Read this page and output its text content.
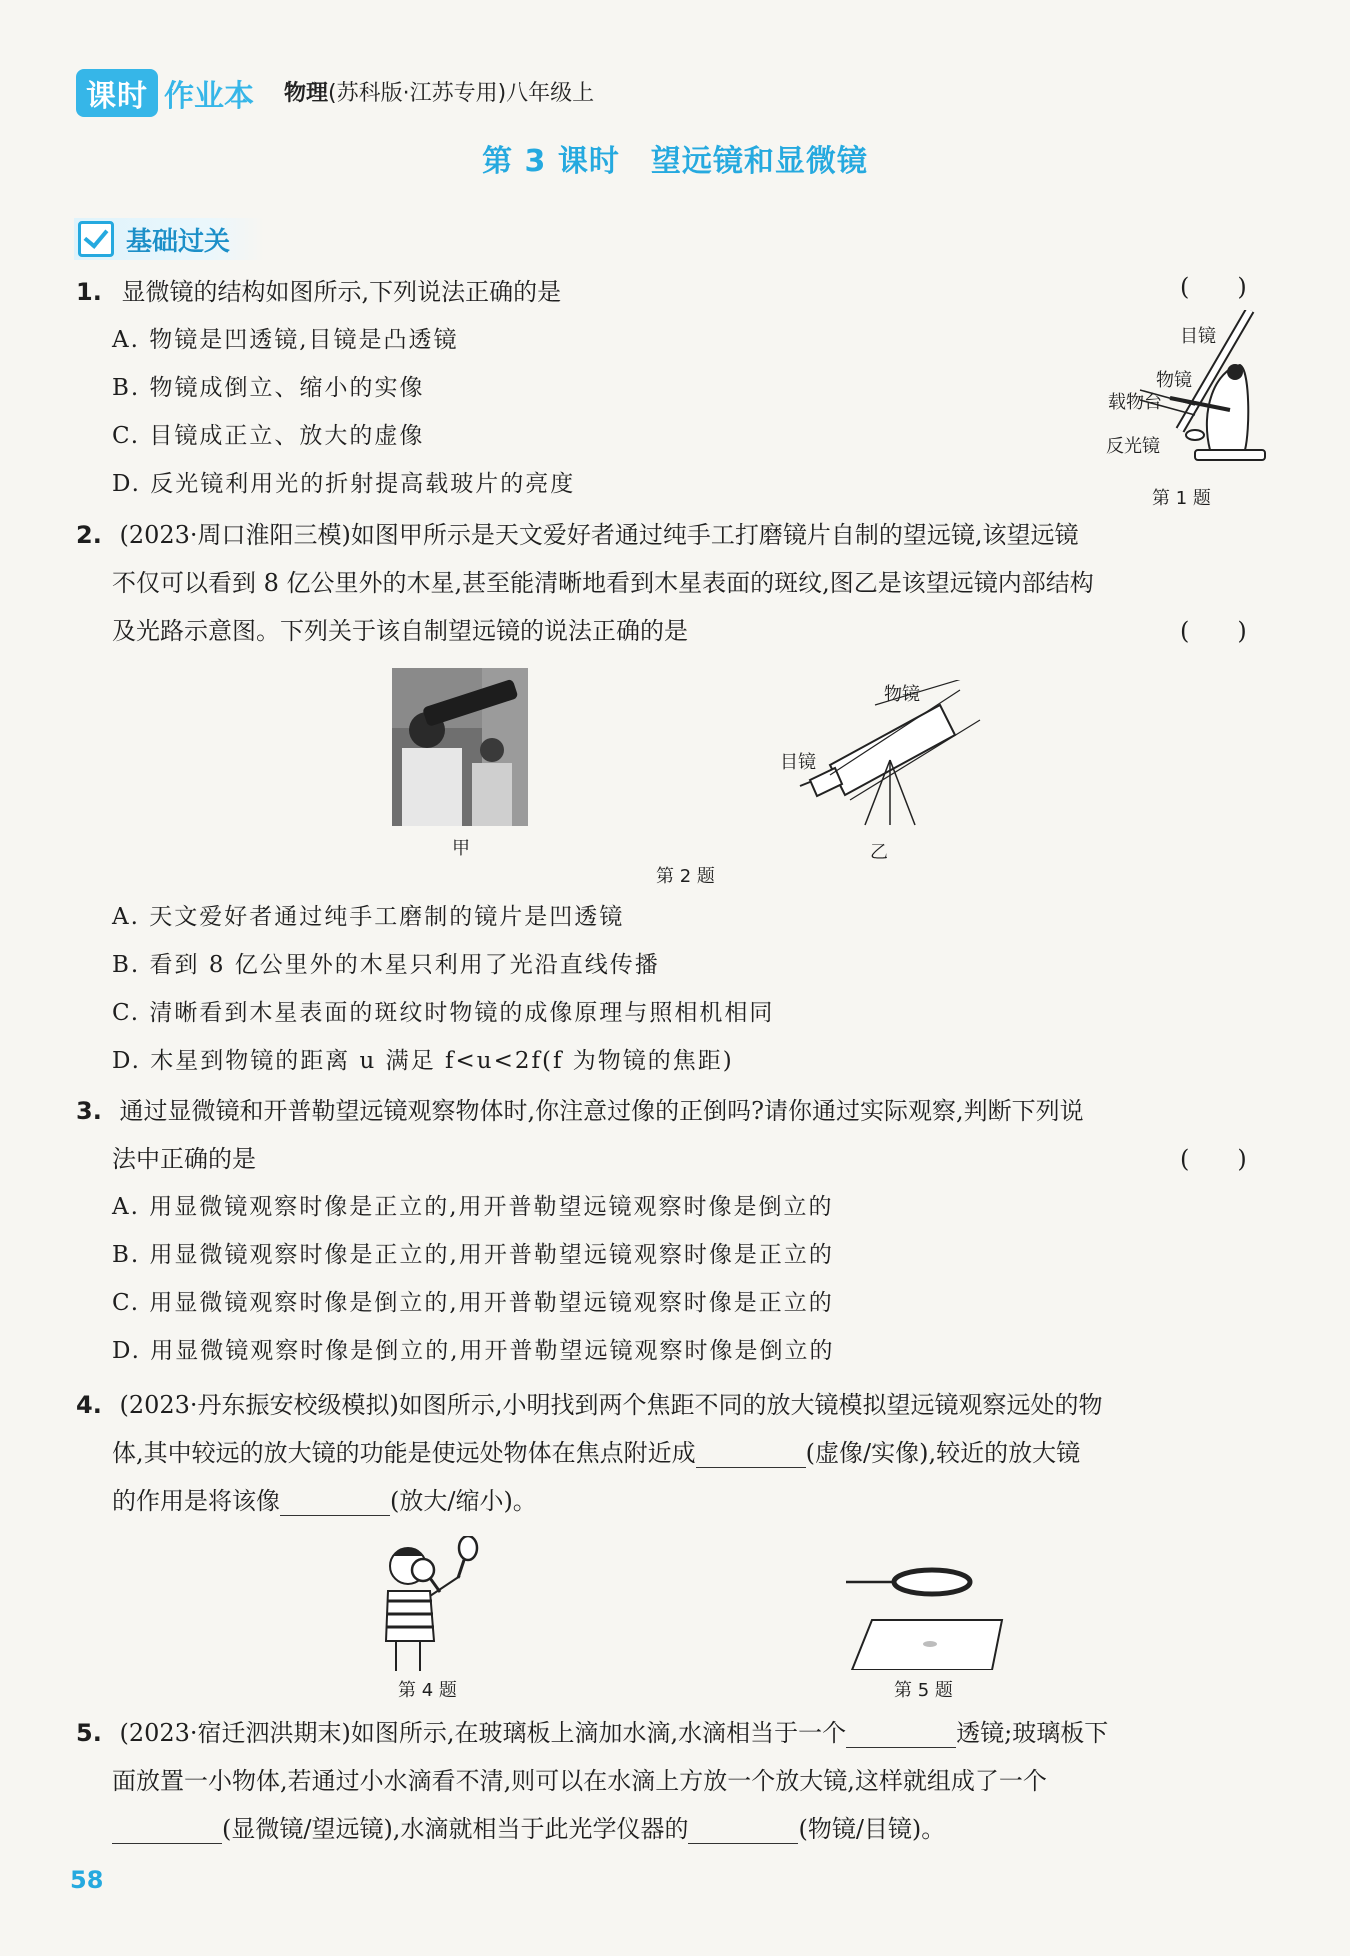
课时 作业本 物理(苏科版·江苏专用)八年级上
第 3 课时　望远镜和显微镜
基础过关
1. 显微镜的结构如图所示,下列说法正确的是	(　　)
A. 物镜是凹透镜,目镜是凸透镜
B. 物镜成倒立、缩小的实像
C. 目镜成正立、放大的虚像
D. 反光镜利用光的折射提高载玻片的亮度
目镜
物镜
载物台
反光镜
第 1 题
2. (2023·周口淮阳三模)如图甲所示是天文爱好者通过纯手工打磨镜片自制的望远镜,该望远镜
不仅可以看到 8 亿公里外的木星,甚至能清晰地看到木星表面的斑纹,图乙是该望远镜内部结构
及光路示意图。下列关于该自制望远镜的说法正确的是	(　　)
甲
物镜
目镜
乙
第 2 题
A. 天文爱好者通过纯手工磨制的镜片是凹透镜
B. 看到 8 亿公里外的木星只利用了光沿直线传播
C. 清晰看到木星表面的斑纹时物镜的成像原理与照相机相同
D. 木星到物镜的距离 u 满足 f<u<2f(f 为物镜的焦距)
3. 通过显微镜和开普勒望远镜观察物体时,你注意过像的正倒吗?请你通过实际观察,判断下列说
法中正确的是	(　　)
A. 用显微镜观察时像是正立的,用开普勒望远镜观察时像是倒立的
B. 用显微镜观察时像是正立的,用开普勒望远镜观察时像是正立的
C. 用显微镜观察时像是倒立的,用开普勒望远镜观察时像是正立的
D. 用显微镜观察时像是倒立的,用开普勒望远镜观察时像是倒立的
4. (2023·丹东振安校级模拟)如图所示,小明找到两个焦距不同的放大镜模拟望远镜观察远处的物
体,其中较远的放大镜的功能是使远处物体在焦点附近成	(虚像/实像),较近的放大镜
的作用是将该像	(放大/缩小)。
第 4 题	第 5 题
5. (2023·宿迁泗洪期末)如图所示,在玻璃板上滴加水滴,水滴相当于一个	透镜;玻璃板下
面放置一小物体,若通过小水滴看不清,则可以在水滴上方放一个放大镜,这样就组成了一个
(显微镜/望远镜),水滴就相当于此光学仪器的	(物镜/目镜)。
58
